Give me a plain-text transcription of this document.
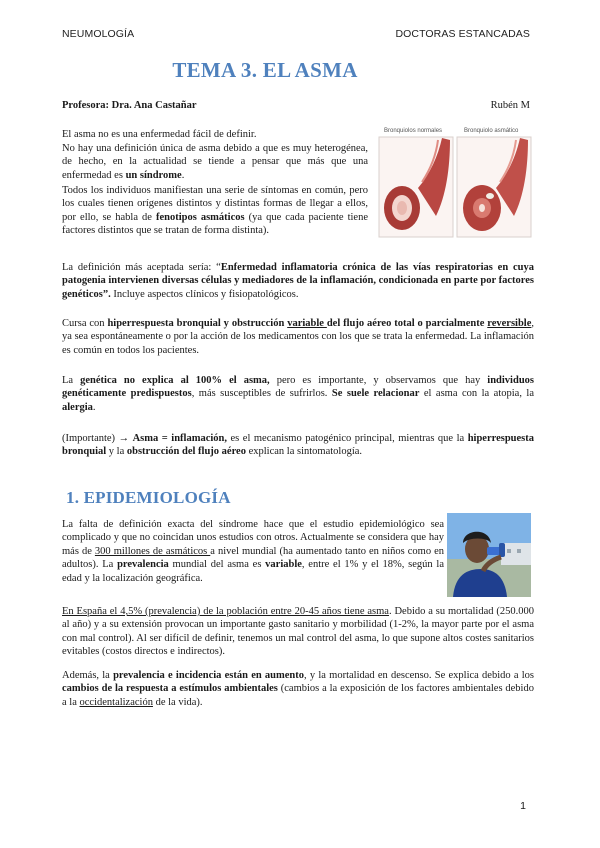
NEUMOLOGÍA	DOCTORAS ESTANCADAS
TEMA 3. EL ASMA
Profesora: Dra. Ana Castañar	Rubén M
El asma no es una enfermedad fácil de definir.
No hay una definición única de asma debido a que es muy heterogénea, de hecho, en la actualidad se tiende a pensar que más que una enfermedad es un síndrome.
Todos los individuos manifiestan una serie de síntomas en común, pero los cuales tienen orígenes distintos y distintas formas de llegar a ellos, por ello, se habla de fenotipos asmáticos (ya que cada paciente tiene factores distintos que se tratan de forma distinta).
Bronquiolos normales	Bronquiolo asmático
La definición más aceptada sería: “Enfermedad inflamatoria crónica de las vías respiratorias en cuya patogenia intervienen diversas células y mediadores de la inflamación, condicionada en parte por factores genéticos”. Incluye aspectos clínicos y fisiopatológicos.
Cursa con hiperrespuesta bronquial y obstrucción variable del flujo aéreo total o parcialmente reversible, ya sea espontáneamente o por la acción de los medicamentos con los que se trata la enfermedad. La inflamación es común en todos los pacientes.
La genética no explica al 100% el asma, pero es importante, y observamos que hay individuos genéticamente predispuestos, más susceptibles de sufrirlos. Se suele relacionar el asma con la atopia, la alergia.
(Importante) → Asma = inflamación, es el mecanismo patogénico principal, mientras que la hiperrespuesta bronquial y la obstrucción del flujo aéreo explican la sintomatología.
1. EPIDEMIOLOGÍA
La falta de definición exacta del síndrome hace que el estudio epidemiológico sea complicado y que no coincidan unos estudios con otros. Actualmente se considera que hay más de 300 millones de asmáticos a nivel mundial (ha aumentado tanto en niños como en adultos). La prevalencia mundial del asma es variable, entre el 1% y el 18%, según la edad y la localización geográfica.
En España el 4,5% (prevalencia) de la población entre 20-45 años tiene asma. Debido a su mortalidad (250.000 al año) y a su extensión provocan un importante gasto sanitario y morbilidad (1-2%, la mayor parte por el asma con mal control). Al ser difícil de definir, tenemos un mal control del asma, lo que supone altos costes sanitarios evitables (costos directos e indirectos).
Además, la prevalencia e incidencia están en aumento, y la mortalidad en descenso. Se explica debido a los cambios de la respuesta a estímulos ambientales (cambios a la exposición de los factores ambientales debido a la occidentalización de la vida).
1
